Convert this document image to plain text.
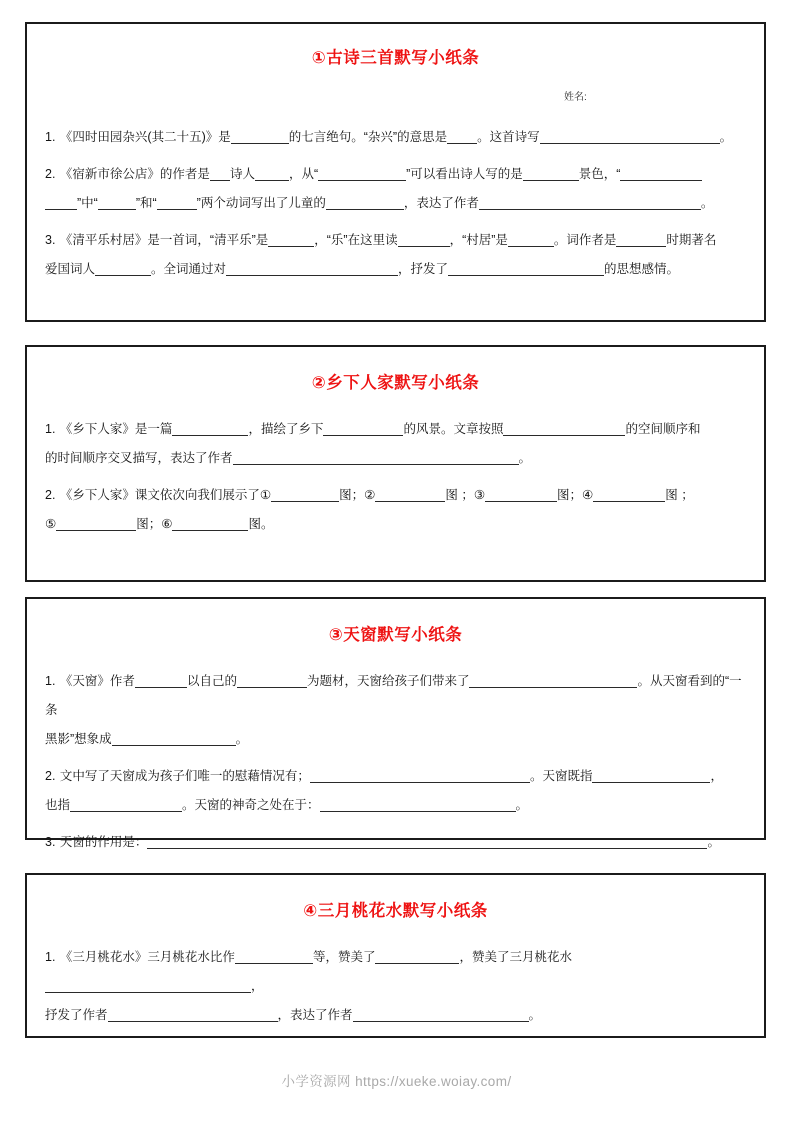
①古诗三首默写小纸条
姓名:
1. 《四时田园杂兴(其二十五)》是	的七言绝句。“杂兴”的意思是 。这首诗写	。
2. 《宿新市徐公店》的作者是 诗人	，从“	”可以看出诗人写的是	景色，“
”中“	”和“	”两个动词写出了儿童的	，表达了作者	。
3. 《清平乐村居》是一首词，“清平乐”是	，“乐”在这里读	，“村居”是	。词作者是	时期著名
爱国词人	。全词通过对	，抒发了	的思想感情。
②乡下人家默写小纸条
1. 《乡下人家》是一篇	，描绘了乡下	的风景。文章按照	的空间顺序和
的时间顺序交叉描写，表达了作者	。
2. 《乡下人家》课文依次向我们展示了①	图；②	图 ；③	图；④	图 ；
⑤	图；⑥	图。
③天窗默写小纸条
1. 《天窗》作者	以自己的	为题材，天窗给孩子们带来了	。从天窗看到的“一条
黑影”想象成	。
2. 文中写了天窗成为孩子们唯一的慰藉情况有；	。天窗既指	，
也指	。天窗的神奇之处在于：	。
3. 天窗的作用是：	。
④三月桃花水默写小纸条
1. 《三月桃花水》三月桃花水比作	等，赞美了	，赞美了三月桃花水，
抒发了作者	，表达了作者	。
小学资源网 https://xueke.woiay.com/
